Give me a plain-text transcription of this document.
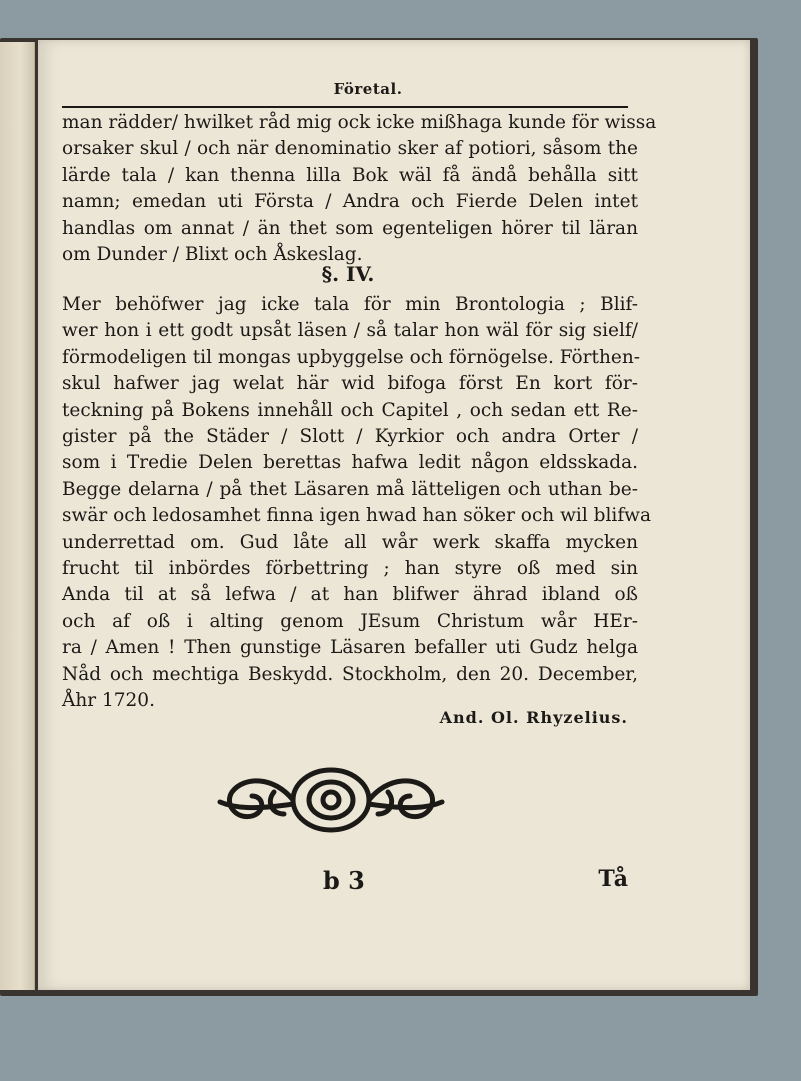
Företal.
man rädder/ hwilket råd mig ock icke mißhaga kunde för wissa
orsaker skul / och när denominatio sker af potiori, såsom the
lärde tala / kan thenna lilla Bok wäl få ändå behålla sitt
namn; emedan uti Första / Andra och Fierde Delen intet
handlas om annat / än thet som egenteligen hörer til läran
om Dunder / Blixt och Åskeslag.
§. IV.
Mer behöfwer jag icke tala för min Brontologia ; Blif-
wer hon i ett godt upsåt läsen / så talar hon wäl för sig sielf/
förmodeligen til mongas upbyggelse och förnögelse. Förthen-
skul hafwer jag welat här wid bifoga först En kort för-
teckning på Bokens innehåll och Capitel , och sedan ett Re-
gister på the Städer / Slott / Kyrkior och andra Orter /
som i Tredie Delen berettas hafwa ledit någon eldsskada.
Begge delarna / på thet Läsaren må lätteligen och uthan be-
swär och ledosamhet finna igen hwad han söker och wil blifwa
underrettad om. Gud låte all wår werk skaffa mycken
frucht til inbördes förbettring ; han styre oß med sin
Anda til at så lefwa / at han blifwer ährad ibland oß
och af oß i alting genom JEsum Christum wår HEr-
ra / Amen ! Then gunstige Läsaren befaller uti Gudz helga
Nåd och mechtiga Beskydd. Stockholm, den 20. December,
Åhr 1720.
And. Ol. Rhyzelius.
b 3	Tå
